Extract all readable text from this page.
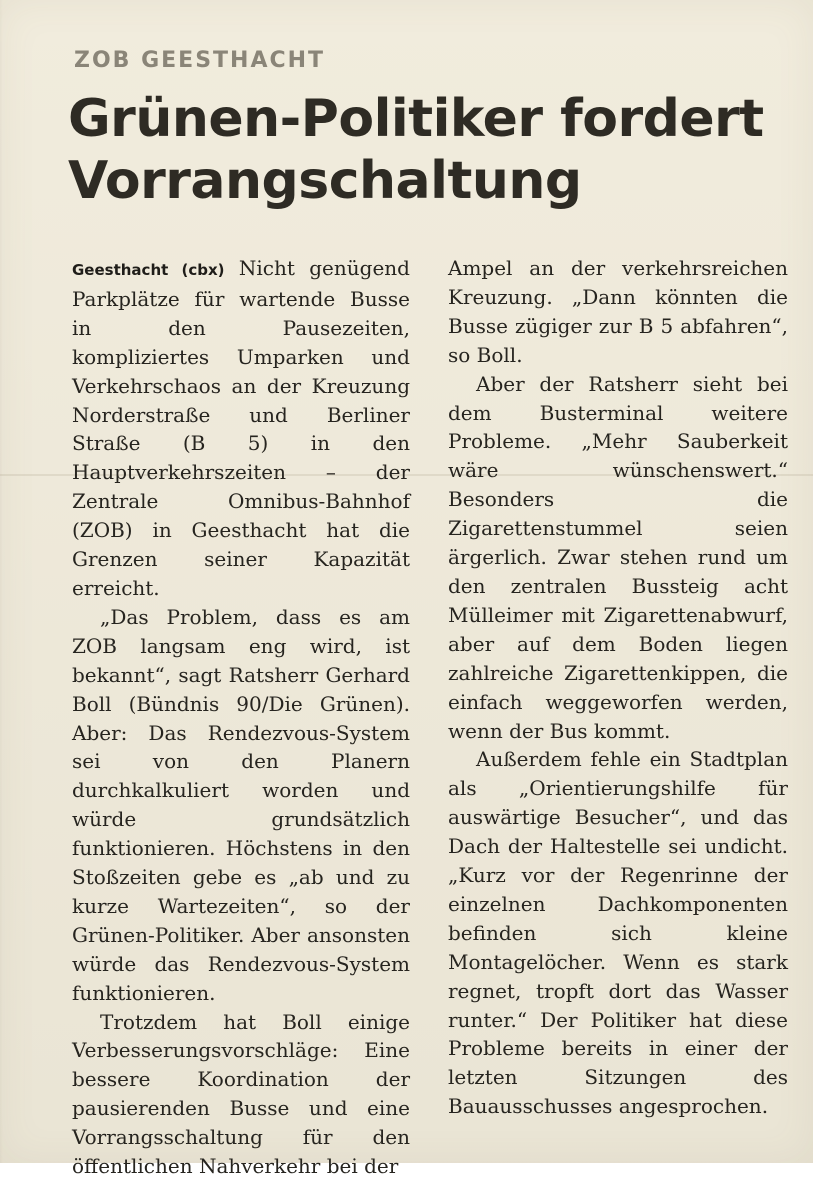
ZOB GEESTHACHT
Grünen-Politiker fordert Vorrangschaltung

Geesthacht (cbx) Nicht genügend Parkplätze für wartende Busse in den Pausezeiten, kompliziertes Umparken und Verkehrschaos an der Kreuzung Norderstraße und Berliner Straße (B 5) in den Hauptverkehrszeiten – der Zentrale Omnibus-Bahnhof (ZOB) in Geesthacht hat die Grenzen seiner Kapazität erreicht.

„Das Problem, dass es am ZOB langsam eng wird, ist bekannt“, sagt Ratsherr Gerhard Boll (Bündnis 90/Die Grünen). Aber: Das Rendezvous-System sei von den Planern durchkalkuliert worden und würde grundsätzlich funktionieren. Höchstens in den Stoßzeiten gebe es „ab und zu kurze Wartezeiten“, so der Grünen-Politiker. Aber ansonsten würde das Rendezvous-System funktionieren.

Trotzdem hat Boll einige Verbesserungsvorschläge: Eine bessere Koordination der pausierenden Busse und eine Vorrangsschaltung für den öffentlichen Nahverkehr bei der

Ampel an der verkehrsreichen Kreuzung. „Dann könnten die Busse zügiger zur B 5 abfahren“, so Boll.

Aber der Ratsherr sieht bei dem Busterminal weitere Probleme. „Mehr Sauberkeit wäre wünschenswert.“ Besonders die Zigarettenstummel seien ärgerlich. Zwar stehen rund um den zentralen Bussteig acht Mülleimer mit Zigarettenabwurf, aber auf dem Boden liegen zahlreiche Zigarettenkippen, die einfach weggeworfen werden, wenn der Bus kommt.

Außerdem fehle ein Stadtplan als „Orientierungshilfe für auswärtige Besucher“, und das Dach der Haltestelle sei undicht. „Kurz vor der Regenrinne der einzelnen Dachkomponenten befinden sich kleine Montagelöcher. Wenn es stark regnet, tropft dort das Wasser runter.“ Der Politiker hat diese Probleme bereits in einer der letzten Sitzungen des Bauausschusses angesprochen.
